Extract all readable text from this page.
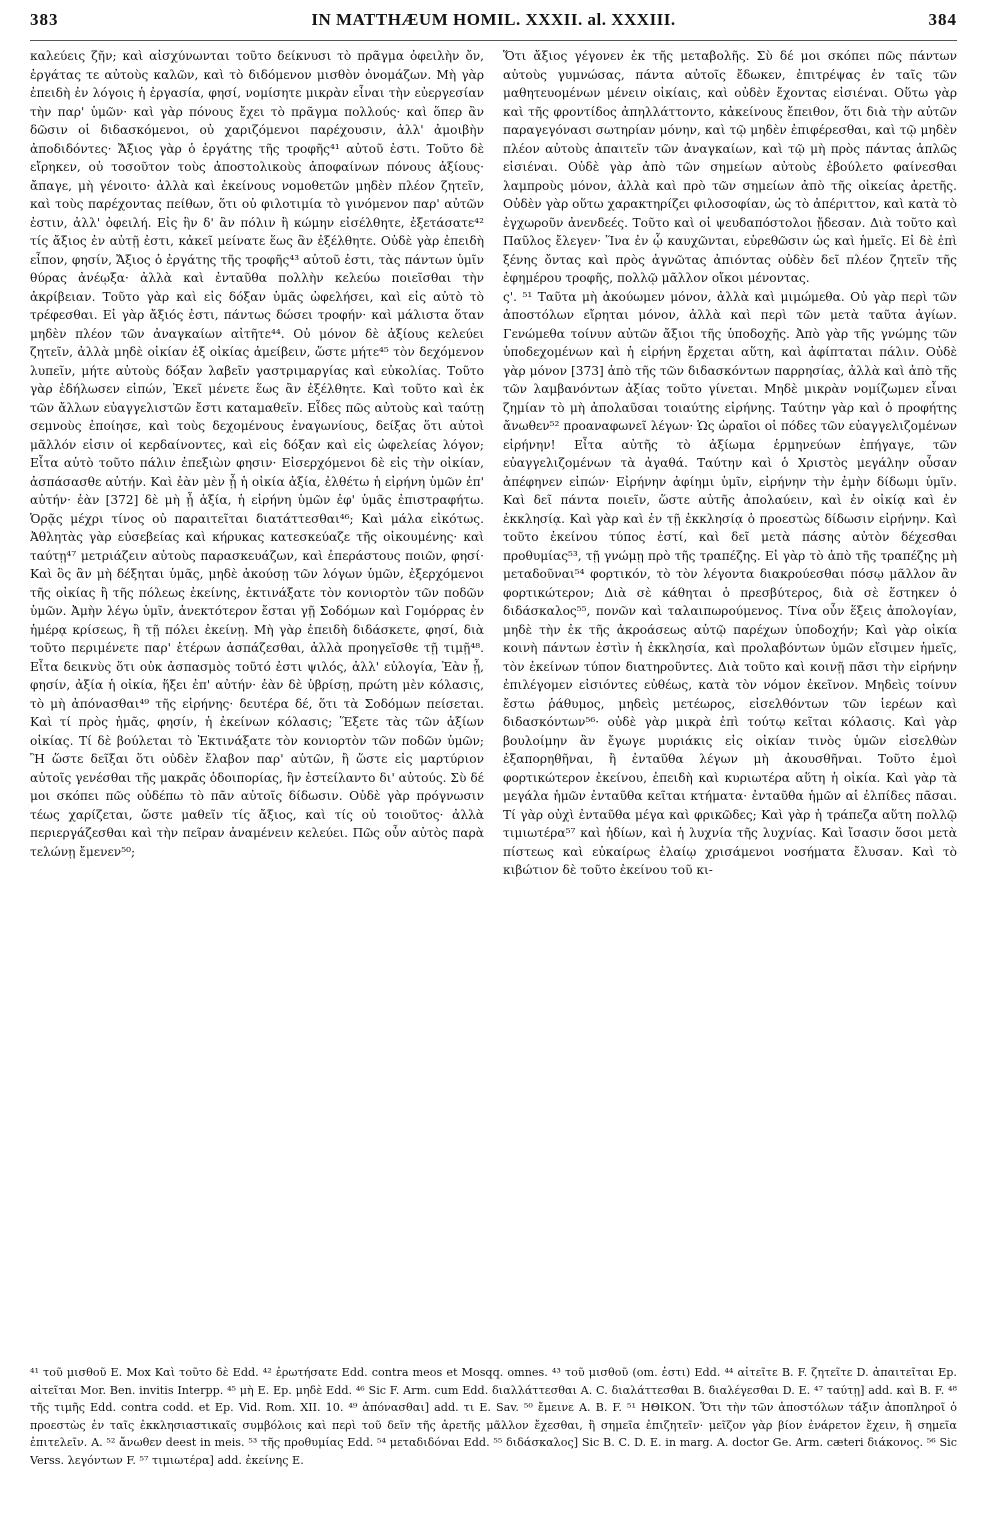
383	IN MATTHÆUM HOMIL. XXXII. al. XXXIII.	384

καλεύεις ζῆν; καὶ αἰσχύνωνται τοῦτο δείκνυσι τὸ πρᾶγμα ὀφειλὴν ὄν, ἐργάτας τε αὐτοὺς καλῶν, καὶ τὸ διδόμενον μισθὸν ὀνομάζων. Μὴ γὰρ ἐπειδὴ ἐν λόγοις ἡ ἐργασία, φησί, νομίσητε μικρὰν εἶναι τὴν εὐεργεσίαν τὴν παρ' ὑμῶν· καὶ γὰρ πόνους ἔχει τὸ πρᾶγμα πολλούς· καὶ ὅπερ ἂν δῶσιν οἱ διδασκόμενοι, οὐ χαριζόμενοι παρέχουσιν, ἀλλ' ἀμοιβὴν ἀποδιδόντες· Ἄξιος γὰρ ὁ ἐργάτης τῆς τροφῆς⁴¹ αὐτοῦ ἐστι. Τοῦτο δὲ εἴρηκεν, οὐ τοσοῦτον τοὺς ἀποστολικοὺς ἀποφαίνων πόνους ἀξίους· ἄπαγε, μὴ γένοιτο· ἀλλὰ καὶ ἐκείνους νομοθετῶν μηδὲν πλέον ζητεῖν, καὶ τοὺς παρέχοντας πείθων, ὅτι οὐ φιλοτιμία τὸ γινόμενον παρ' αὐτῶν ἐστιν, ἀλλ' ὀφειλή. Εἰς ἣν δ' ἂν πόλιν ἢ κώμην εἰσέλθητε, ἐξετάσατε⁴² τίς ἄξιος ἐν αὐτῇ ἐστι, κἀκεῖ μείνατε ἕως ἂν ἐξέλθητε. Οὐδὲ γὰρ ἐπειδὴ εἶπον, φησίν, Ἄξιος ὁ ἐργάτης τῆς τροφῆς⁴³ αὐτοῦ ἐστι, τὰς πάντων ὑμῖν θύρας ἀνέῳξα· ἀλλὰ καὶ ἐνταῦθα πολλὴν κελεύω ποιεῖσθαι τὴν ἀκρίβειαν. Τοῦτο γὰρ καὶ εἰς δόξαν ὑμᾶς ὠφελήσει, καὶ εἰς αὐτὸ τὸ τρέφεσθαι. Εἰ γὰρ ἄξιός ἐστι, πάντως δώσει τροφήν· καὶ μάλιστα ὅταν μηδὲν πλέον τῶν ἀναγκαίων αἰτῆτε⁴⁴. Οὐ μόνον δὲ ἀξίους κελεύει ζητεῖν, ἀλλὰ μηδὲ οἰκίαν ἐξ οἰκίας ἀμείβειν, ὥστε μήτε⁴⁵ τὸν δεχόμενον λυπεῖν, μήτε αὐτοὺς δόξαν λαβεῖν γαστριμαργίας καὶ εὐκολίας. Τοῦτο γὰρ ἐδήλωσεν εἰπών, Ἐκεῖ μένετε ἕως ἂν ἐξέλθητε. Καὶ τοῦτο καὶ ἐκ τῶν ἄλλων εὐαγγελιστῶν ἔστι καταμαθεῖν. Εἶδες πῶς αὐτοὺς καὶ ταύτῃ σεμνοὺς ἐποίησε, καὶ τοὺς δεχομένους ἐναγωνίους, δείξας ὅτι αὐτοὶ μᾶλλόν εἰσιν οἱ κερδαίνοντες, καὶ εἰς δόξαν καὶ εἰς ὠφελείας λόγον; Εἶτα αὐτὸ τοῦτο πάλιν ἐπεξιὼν φησιν· Εἰσερχόμενοι δὲ εἰς τὴν οἰκίαν, ἀσπάσασθε αὐτήν. Καὶ ἐὰν μὲν ᾖ ἡ οἰκία ἀξία, ἐλθέτω ἡ εἰρήνη ὑμῶν ἐπ' αὐτήν· ἐὰν [372] δὲ μὴ ᾖ ἀξία, ἡ εἰρήνη ὑμῶν ἐφ' ὑμᾶς ἐπιστραφήτω. Ὁρᾷς μέχρι τίνος οὐ παραιτεῖται διατάττεσθαι⁴⁶; Καὶ μάλα εἰκότως. Ἀθλητὰς γὰρ εὐσεβείας καὶ κήρυκας κατεσκεύαζε τῆς οἰκουμένης· καὶ ταύτῃ⁴⁷ μετριάζειν αὐτοὺς παρασκευάζων, καὶ ἐπεράστους ποιῶν, φησί· Καὶ ὃς ἂν μὴ δέξηται ὑμᾶς, μηδὲ ἀκούσῃ τῶν λόγων ὑμῶν, ἐξερχόμενοι τῆς οἰκίας ἢ τῆς πόλεως ἐκείνης, ἐκτινάξατε τὸν κονιορτὸν τῶν ποδῶν ὑμῶν. Ἀμὴν λέγω ὑμῖν, ἀνεκτότερον ἔσται γῇ Σοδόμων καὶ Γομόρρας ἐν ἡμέρᾳ κρίσεως, ἢ τῇ πόλει ἐκείνῃ. Μὴ γὰρ ἐπειδὴ διδάσκετε, φησί, διὰ τοῦτο περιμένετε παρ' ἑτέρων ἀσπάζεσθαι, ἀλλὰ προηγεῖσθε τῇ τιμῇ⁴⁸. Εἶτα δεικνὺς ὅτι οὐκ ἀσπασμὸς τοῦτό ἐστι ψιλός, ἀλλ' εὐλογία, Ἐὰν ᾖ, φησίν, ἀξία ἡ οἰκία, ἥξει ἐπ' αὐτήν· ἐὰν δὲ ὑβρίσῃ, πρώτη μὲν κόλασις, τὸ μὴ ἀπόνασθαι⁴⁹ τῆς εἰρήνης· δευτέρα δέ, ὅτι τὰ Σοδόμων πείσεται. Καὶ τί πρὸς ἡμᾶς, φησίν, ἡ ἐκείνων κόλασις; Ἕξετε τὰς τῶν ἀξίων οἰκίας. Τί δὲ βούλεται τὸ Ἐκτινάξατε τὸν κονιορτὸν τῶν ποδῶν ὑμῶν; Ἢ ὥστε δεῖξαι ὅτι οὐδὲν ἔλαβον παρ' αὐτῶν, ἢ ὥστε εἰς μαρτύριον αὐτοῖς γενέσθαι τῆς μακρᾶς ὁδοιπορίας, ἣν ἐστείλαντο δι' αὐτούς. Σὺ δέ μοι σκόπει πῶς οὐδέπω τὸ πᾶν αὐτοῖς δίδωσιν. Οὐδὲ γὰρ πρόγνωσιν τέως χαρίζεται, ὥστε μαθεῖν τίς ἄξιος, καὶ τίς οὐ τοιοῦτος· ἀλλὰ περιεργάζεσθαι καὶ τὴν πεῖραν ἀναμένειν κελεύει. Πῶς οὖν αὐτὸς παρὰ τελώνῃ ἔμενεν⁵⁰;

Ὅτι ἄξιος γέγονεν ἐκ τῆς μεταβολῆς. Σὺ δέ μοι σκόπει πῶς πάντων αὐτοὺς γυμνώσας, πάντα αὐτοῖς ἔδωκεν, ἐπιτρέψας ἐν ταῖς τῶν μαθητευομένων μένειν οἰκίαις, καὶ οὐδὲν ἔχοντας εἰσιέναι. Οὕτω γὰρ καὶ τῆς φροντίδος ἀπηλλάττοντο, κἀκείνους ἔπειθον, ὅτι διὰ τὴν αὐτῶν παραγεγόνασι σωτηρίαν μόνην, καὶ τῷ μηδὲν ἐπιφέρεσθαι, καὶ τῷ μηδὲν πλέον αὐτοὺς ἀπαιτεῖν τῶν ἀναγκαίων, καὶ τῷ μὴ πρὸς πάντας ἁπλῶς εἰσιέναι. Οὐδὲ γὰρ ἀπὸ τῶν σημείων αὐτοὺς ἐβούλετο φαίνεσθαι λαμπροὺς μόνον, ἀλλὰ καὶ πρὸ τῶν σημείων ἀπὸ τῆς οἰκείας ἀρετῆς. Οὐδὲν γὰρ οὕτω χαρακτηρίζει φιλοσοφίαν, ὡς τὸ ἀπέριττον, καὶ κατὰ τὸ ἐγχωροῦν ἀνενδεές. Τοῦτο καὶ οἱ ψευδαπόστολοι ᾔδεσαν. Διὰ τοῦτο καὶ Παῦλος ἔλεγεν· Ἵνα ἐν ᾧ καυχῶνται, εὑρεθῶσιν ὡς καὶ ἡμεῖς. Εἰ δὲ ἐπὶ ξένης ὄντας καὶ πρὸς ἀγνῶτας ἀπιόντας οὐδὲν δεῖ πλέον ζητεῖν τῆς ἐφημέρου τροφῆς, πολλῷ μᾶλλον οἴκοι μένοντας.

ς'. ⁵¹ Ταῦτα μὴ ἀκούωμεν μόνον, ἀλλὰ καὶ μιμώμεθα. Οὐ γὰρ περὶ τῶν ἀποστόλων εἴρηται μόνον, ἀλλὰ καὶ περὶ τῶν μετὰ ταῦτα ἁγίων. Γενώμεθα τοίνυν αὐτῶν ἄξιοι τῆς ὑποδοχῆς. Ἀπὸ γὰρ τῆς γνώμης τῶν ὑποδεχομένων καὶ ἡ εἰρήνη ἔρχεται αὕτη, καὶ ἀφίπταται πάλιν. Οὐδὲ γὰρ μόνον [373] ἀπὸ τῆς τῶν διδασκόντων παρρησίας, ἀλλὰ καὶ ἀπὸ τῆς τῶν λαμβανόντων ἀξίας τοῦτο γίνεται. Μηδὲ μικρὰν νομίζωμεν εἶναι ζημίαν τὸ μὴ ἀπολαῦσαι τοιαύτης εἰρήνης. Ταύτην γὰρ καὶ ὁ προφήτης ἄνωθεν⁵² προαναφωνεῖ λέγων· Ὡς ὡραῖοι οἱ πόδες τῶν εὐαγγελιζομένων εἰρήνην! Εἶτα αὐτῆς τὸ ἀξίωμα ἑρμηνεύων ἐπήγαγε, τῶν εὐαγγελιζομένων τὰ ἀγαθά. Ταύτην καὶ ὁ Χριστὸς μεγάλην οὖσαν ἀπέφηνεν εἰπών· Εἰρήνην ἀφίημι ὑμῖν, εἰρήνην τὴν ἐμὴν δίδωμι ὑμῖν. Καὶ δεῖ πάντα ποιεῖν, ὥστε αὐτῆς ἀπολαύειν, καὶ ἐν οἰκίᾳ καὶ ἐν ἐκκλησίᾳ. Καὶ γὰρ καὶ ἐν τῇ ἐκκλησίᾳ ὁ προεστὼς δίδωσιν εἰρήνην. Καὶ τοῦτο ἐκείνου τύπος ἐστί, καὶ δεῖ μετὰ πάσης αὐτὸν δέχεσθαι προθυμίας⁵³, τῇ γνώμῃ πρὸ τῆς τραπέζης. Εἰ γὰρ τὸ ἀπὸ τῆς τραπέζης μὴ μεταδοῦναι⁵⁴ φορτικόν, τὸ τὸν λέγοντα διακρούεσθαι πόσῳ μᾶλλον ἂν φορτικώτερον; Διὰ σὲ κάθηται ὁ πρεσβύτερος, διὰ σὲ ἕστηκεν ὁ διδάσκαλος⁵⁵, πονῶν καὶ ταλαιπωρούμενος. Τίνα οὖν ἕξεις ἀπολογίαν, μηδὲ τὴν ἐκ τῆς ἀκροάσεως αὐτῷ παρέχων ὑποδοχήν; Καὶ γὰρ οἰκία κοινὴ πάντων ἐστὶν ἡ ἐκκλησία, καὶ προλαβόντων ὑμῶν εἴσιμεν ἡμεῖς, τὸν ἐκείνων τύπον διατηροῦντες. Διὰ τοῦτο καὶ κοινῇ πᾶσι τὴν εἰρήνην ἐπιλέγομεν εἰσιόντες εὐθέως, κατὰ τὸν νόμον ἐκεῖνον. Μηδεὶς τοίνυν ἔστω ῥάθυμος, μηδεὶς μετέωρος, εἰσελθόντων τῶν ἱερέων καὶ διδασκόντων⁵⁶· οὐδὲ γὰρ μικρὰ ἐπὶ τούτῳ κεῖται κόλασις. Καὶ γὰρ βουλοίμην ἂν ἔγωγε μυριάκις εἰς οἰκίαν τινὸς ὑμῶν εἰσελθὼν ἐξαπορηθῆναι, ἢ ἐνταῦθα λέγων μὴ ἀκουσθῆναι. Τοῦτο ἐμοὶ φορτικώτερον ἐκείνου, ἐπειδὴ καὶ κυριωτέρα αὕτη ἡ οἰκία. Καὶ γὰρ τὰ μεγάλα ἡμῶν ἐνταῦθα κεῖται κτήματα· ἐνταῦθα ἡμῶν αἱ ἐλπίδες πᾶσαι. Τί γὰρ οὐχὶ ἐνταῦθα μέγα καὶ φρικῶδες; Καὶ γὰρ ἡ τράπεζα αὕτη πολλῷ τιμιωτέρα⁵⁷ καὶ ἡδίων, καὶ ἡ λυχνία τῆς λυχνίας. Καὶ ἴσασιν ὅσοι μετὰ πίστεως καὶ εὐκαίρως ἐλαίῳ χρισάμενοι νοσήματα ἔλυσαν. Καὶ τὸ κιβώτιον δὲ τοῦτο ἐκείνου τοῦ κι-

⁴¹ τοῦ μισθοῦ E. Mox Καὶ τοῦτο δὲ Edd. ⁴² ἐρωτήσατε Edd. contra meos et Mosqq. omnes. ⁴³ τοῦ μισθοῦ (om. ἐστι) Edd. ⁴⁴ αἰτεῖτε B. F. ζητεῖτε D. ἀπαιτεῖται Ep. αἰτεῖται Mor. Ben. invitis Interpp. ⁴⁵ μὴ E. Ep. μηδὲ Edd. ⁴⁶ Sic F. Arm. cum Edd. διαλλάττεσθαι A. C. διαλάττεσθαι B. διαλέγεσθαι D. E. ⁴⁷ ταύτῃ] add. καὶ B. F. ⁴⁸ τῆς τιμῆς Edd. contra codd. et Ep. Vid. Rom. XII. 10. ⁴⁹ ἀπόνασθαι] add. τι E. Sav. ⁵⁰ ἔμεινε A. B. F. ⁵¹ ΗΘΙΚΟΝ. Ὅτι τὴν τῶν ἀποστόλων τάξιν ἀποπληροῖ ὁ προεστὼς ἐν ταῖς ἐκκλησιαστικαῖς συμβόλοις καὶ περὶ τοῦ δεῖν τῆς ἀρετῆς μᾶλλον ἔχεσθαι, ἢ σημεῖα ἐπιζητεῖν· μεῖζον γὰρ βίον ἐνάρετον ἔχειν, ἢ σημεῖα ἐπιτελεῖν. A. ⁵² ἄνωθεν deest in meis. ⁵³ τῆς προθυμίας Edd. ⁵⁴ μεταδιδόναι Edd. ⁵⁵ διδάσκαλος] Sic B. C. D. E. in marg. A. doctor Ge. Arm. cæteri διάκονος. ⁵⁶ Sic Verss. λεγόντων F. ⁵⁷ τιμιωτέρα] add. ἐκείνης E.
